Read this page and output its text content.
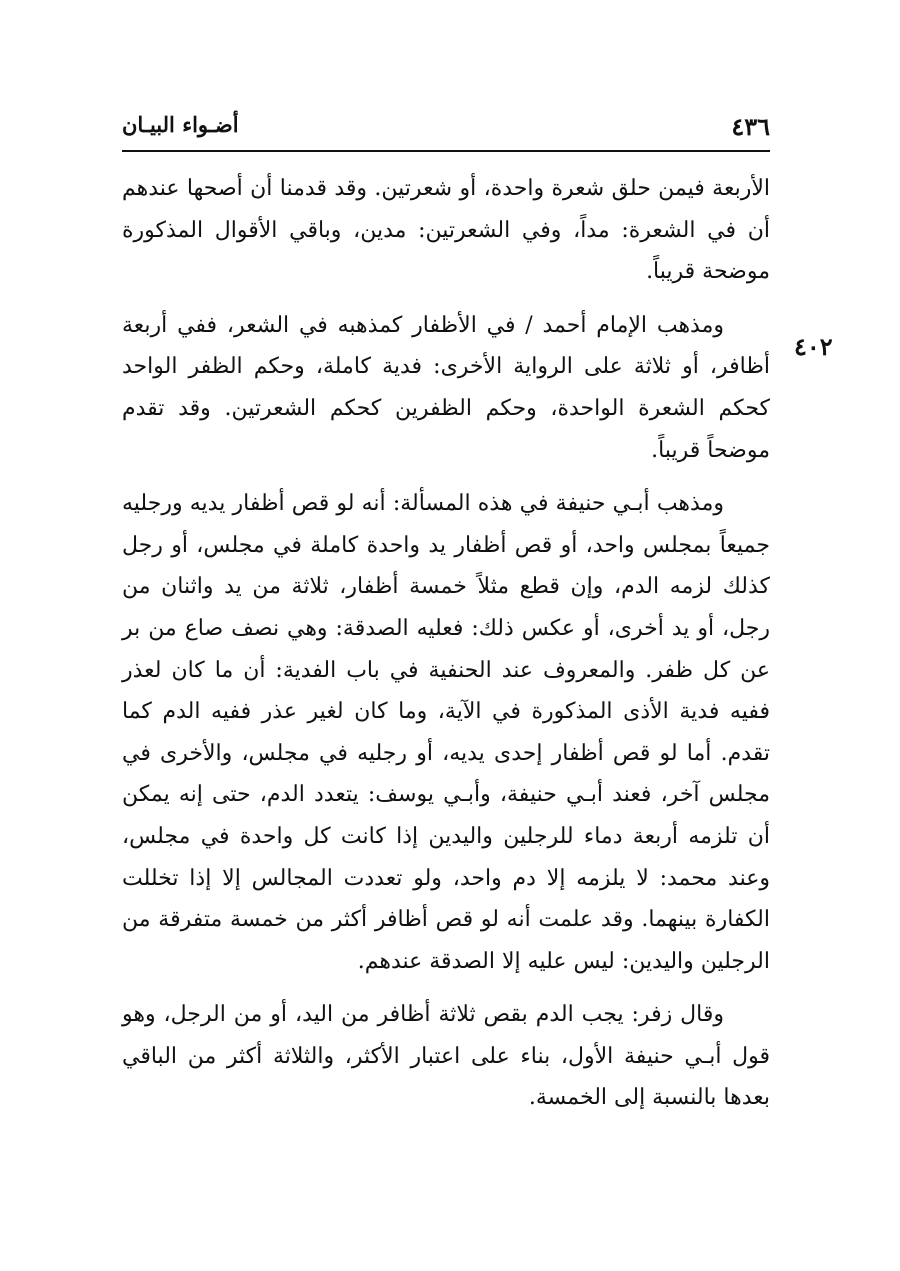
٤٣٦
أضـواء البيـان
٤٠٢

الأربعة فيمن حلق شعرة واحدة، أو شعرتين. وقد قدمنا أن أصحها عندهم أن في الشعرة: مداً، وفي الشعرتين: مدين، وباقي الأقوال المذكورة موضحة قريباً.

ومذهب الإمام أحمد / في الأظفار كمذهبه في الشعر، ففي أربعة أظافر، أو ثلاثة على الرواية الأخرى: فدية كاملة، وحكم الظفر الواحد كحكم الشعرة الواحدة، وحكم الظفرين كحكم الشعرتين. وقد تقدم موضحاً قريباً.

ومذهب أبـي حنيفة في هذه المسألة: أنه لو قص أظفار يديه ورجليه جميعاً بمجلس واحد، أو قص أظفار يد واحدة كاملة في مجلس، أو رجل كذلك لزمه الدم، وإن قطع مثلاً خمسة أظفار، ثلاثة من يد واثنان من رجل، أو يد أخرى، أو عكس ذلك: فعليه الصدقة: وهي نصف صاع من بر عن كل ظفر. والمعروف عند الحنفية في باب الفدية: أن ما كان لعذر ففيه فدية الأذى المذكورة في الآية، وما كان لغير عذر ففيه الدم كما تقدم. أما لو قص أظفار إحدى يديه، أو رجليه في مجلس، والأخرى في مجلس آخر، فعند أبـي حنيفة، وأبـي يوسف: يتعدد الدم، حتى إنه يمكن أن تلزمه أربعة دماء للرجلين واليدين إذا كانت كل واحدة في مجلس، وعند محمد: لا يلزمه إلا دم واحد، ولو تعددت المجالس إلا إذا تخللت الكفارة بينهما. وقد علمت أنه لو قص أظافر أكثر من خمسة متفرقة من الرجلين واليدين: ليس عليه إلا الصدقة عندهم.

وقال زفر: يجب الدم بقص ثلاثة أظافر من اليد، أو من الرجل، وهو قول أبـي حنيفة الأول، بناء على اعتبار الأكثر، والثلاثة أكثر من الباقي بعدها بالنسبة إلى الخمسة.
